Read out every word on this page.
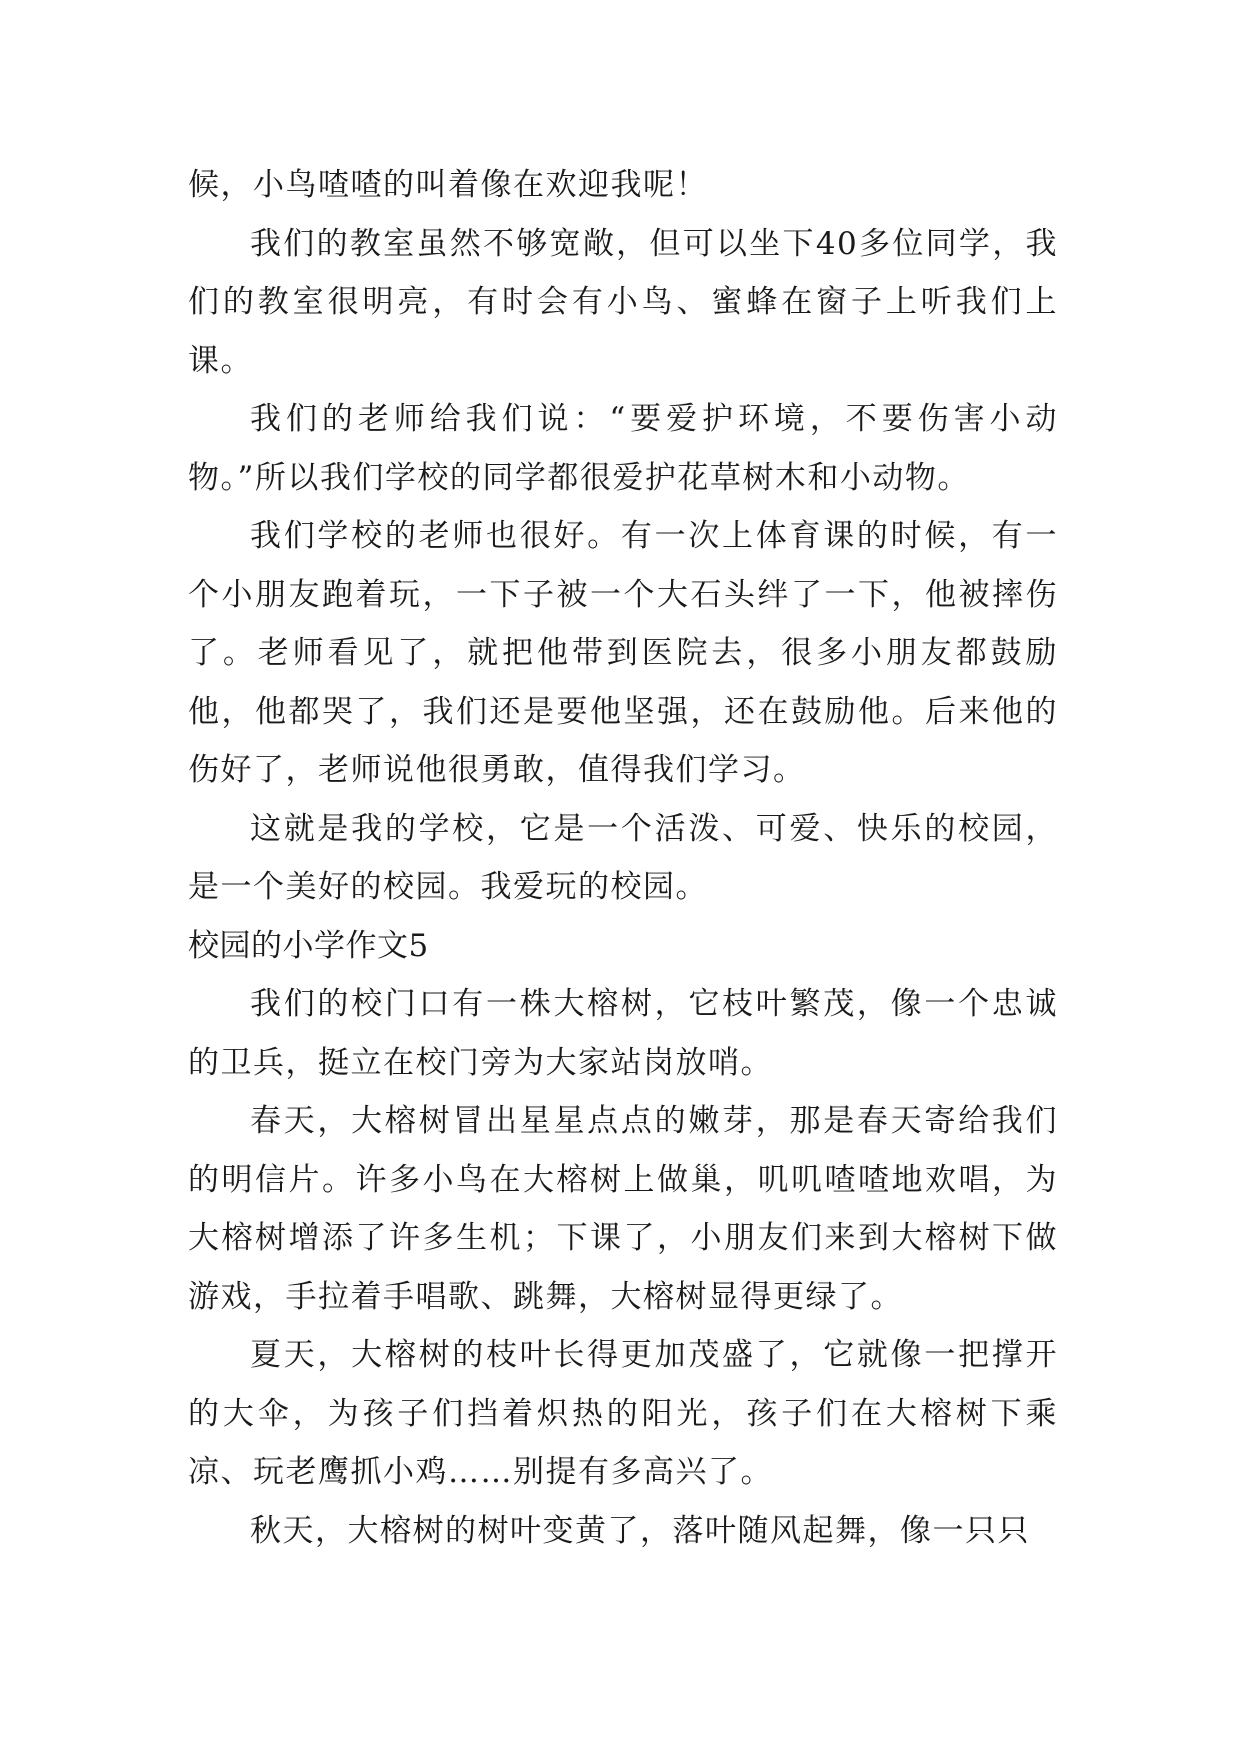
候，小鸟喳喳的叫着像在欢迎我呢！

我们的教室虽然不够宽敞，但可以坐下40多位同学，我们的教室很明亮，有时会有小鸟、蜜蜂在窗子上听我们上课。

我们的老师给我们说：“要爱护环境，不要伤害小动物。”所以我们学校的同学都很爱护花草树木和小动物。

我们学校的老师也很好。有一次上体育课的时候，有一个小朋友跑着玩，一下子被一个大石头绊了一下，他被摔伤了。老师看见了，就把他带到医院去，很多小朋友都鼓励他，他都哭了，我们还是要他坚强，还在鼓励他。后来他的伤好了，老师说他很勇敢，值得我们学习。

这就是我的学校，它是一个活泼、可爱、快乐的校园，是一个美好的校园。我爱玩的校园。

校园的小学作文5

我们的校门口有一株大榕树，它枝叶繁茂，像一个忠诚的卫兵，挺立在校门旁为大家站岗放哨。

春天，大榕树冒出星星点点的嫩芽，那是春天寄给我们的明信片。许多小鸟在大榕树上做巢，叽叽喳喳地欢唱，为大榕树增添了许多生机；下课了，小朋友们来到大榕树下做游戏，手拉着手唱歌、跳舞，大榕树显得更绿了。

夏天，大榕树的枝叶长得更加茂盛了，它就像一把撑开的大伞，为孩子们挡着炽热的阳光，孩子们在大榕树下乘凉、玩老鹰抓小鸡……别提有多高兴了。

秋天，大榕树的树叶变黄了，落叶随风起舞，像一只只
